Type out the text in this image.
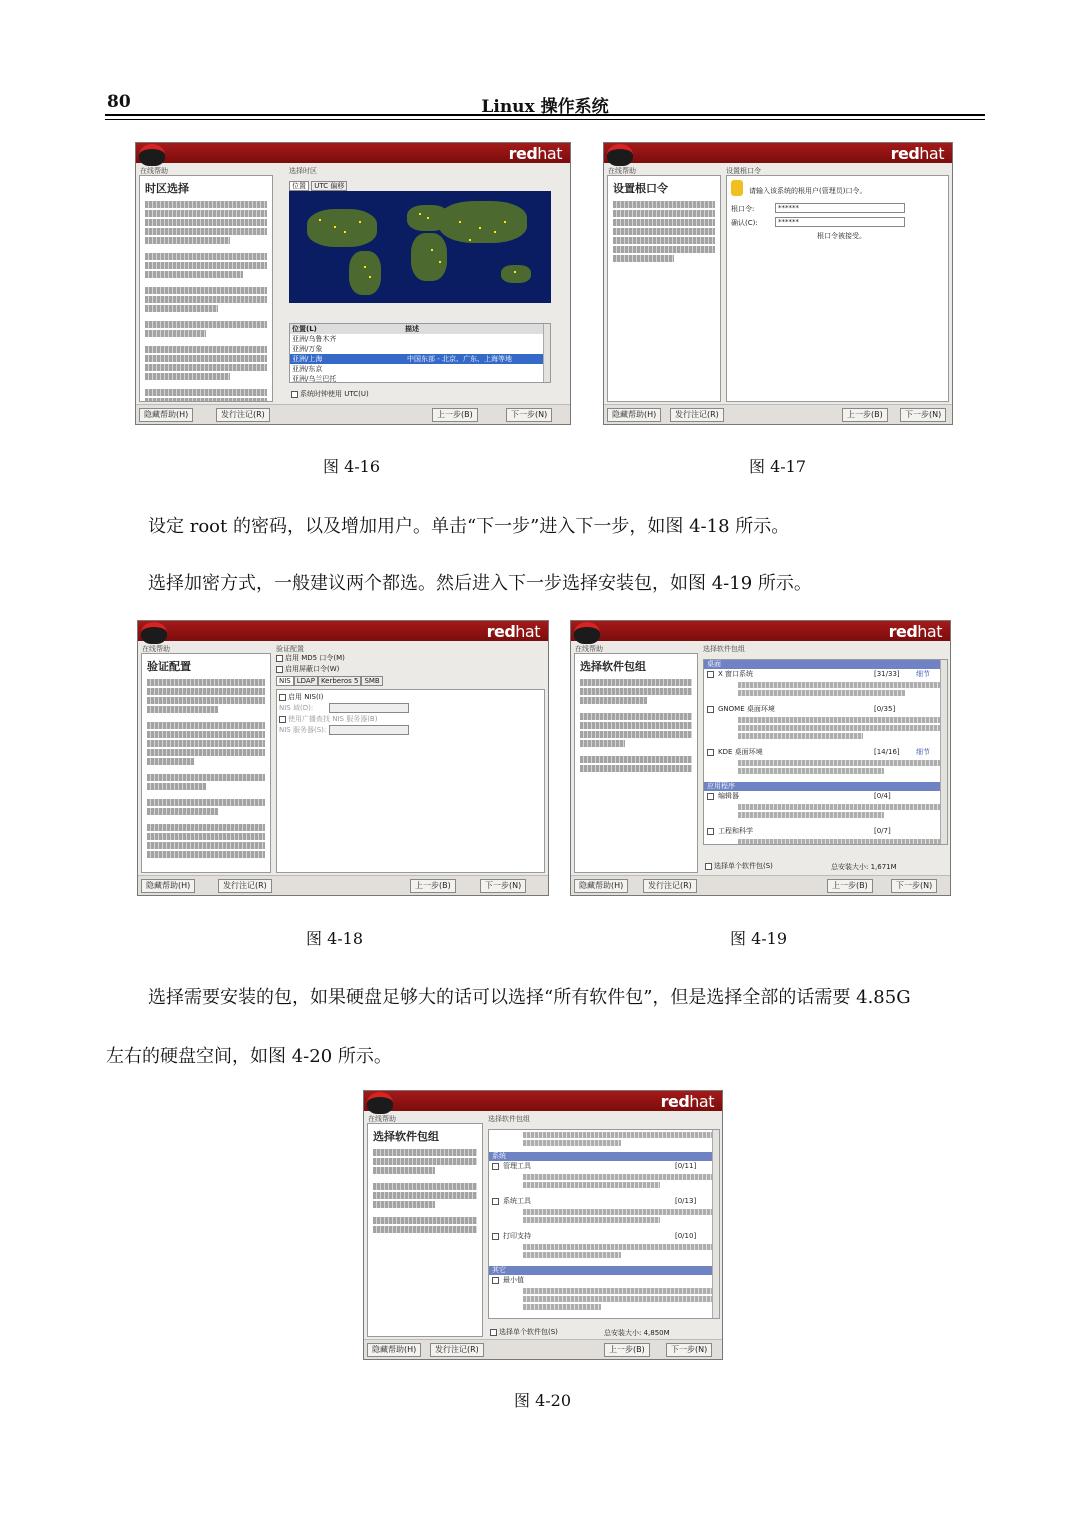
80	Linux 操作系统
redhat
在线帮助	选择时区
时区选择	位置 UTC 偏移
位置(L)	描述
亚洲/乌鲁木齐
亚洲/万象
亚洲/上海	中国东部 - 北京、广东、上海等地
亚洲/东京
亚洲/乌兰巴托
系统时钟使用 UTC(U)
隐藏帮助(H)	发行注记(R)	上一步(B)	下一步(N)
redhat
在线帮助	设置根口令
设置根口令	请输入该系统的根用户(管理员)口令。
根口令:	******
确认(C):	******
根口令被接受。
隐藏帮助(H)	发行注记(R)	上一步(B)	下一步(N)
图 4-16	图 4-17
设定 root 的密码，以及增加用户。单击“下一步”进入下一步，如图 4-18 所示。
选择加密方式，一般建议两个都选。然后进入下一步选择安装包，如图 4-19 所示。
redhat
在线帮助	验证配置
验证配置
启用 MD5 口令(M)
启用屏蔽口令(W)
NIS LDAP Kerberos 5 SMB
启用 NIS(I)
NIS 域(D):
使用广播查找 NIS 服务器(B)
NIS 服务器(S):
隐藏帮助(H)	发行注记(R)	上一步(B)	下一步(N)
redhat
在线帮助	选择软件包组
选择软件包组	桌面
X 窗口系统	[31/33] 细节
GNOME 桌面环境	[0/35]
KDE 桌面环境	[14/16] 细节
应用程序
编辑器	[0/4]
工程和科学	[0/7]
选择单个软件包(S)	总安装大小: 1,671M
隐藏帮助(H)	发行注记(R)	上一步(B)	下一步(N)
图 4-18	图 4-19
选择需要安装的包，如果硬盘足够大的话可以选择“所有软件包”，但是选择全部的话需要 4.85G
左右的硬盘空间，如图 4-20 所示。
redhat
在线帮助	选择软件包组
选择软件包组
系统
管理工具	[0/11]
系统工具	[0/13]
打印支持	[0/10]
其它
最小值
选择单个软件包(S)	总安装大小: 4,850M
隐藏帮助(H)	发行注记(R)	上一步(B)	下一步(N)
图 4-20
